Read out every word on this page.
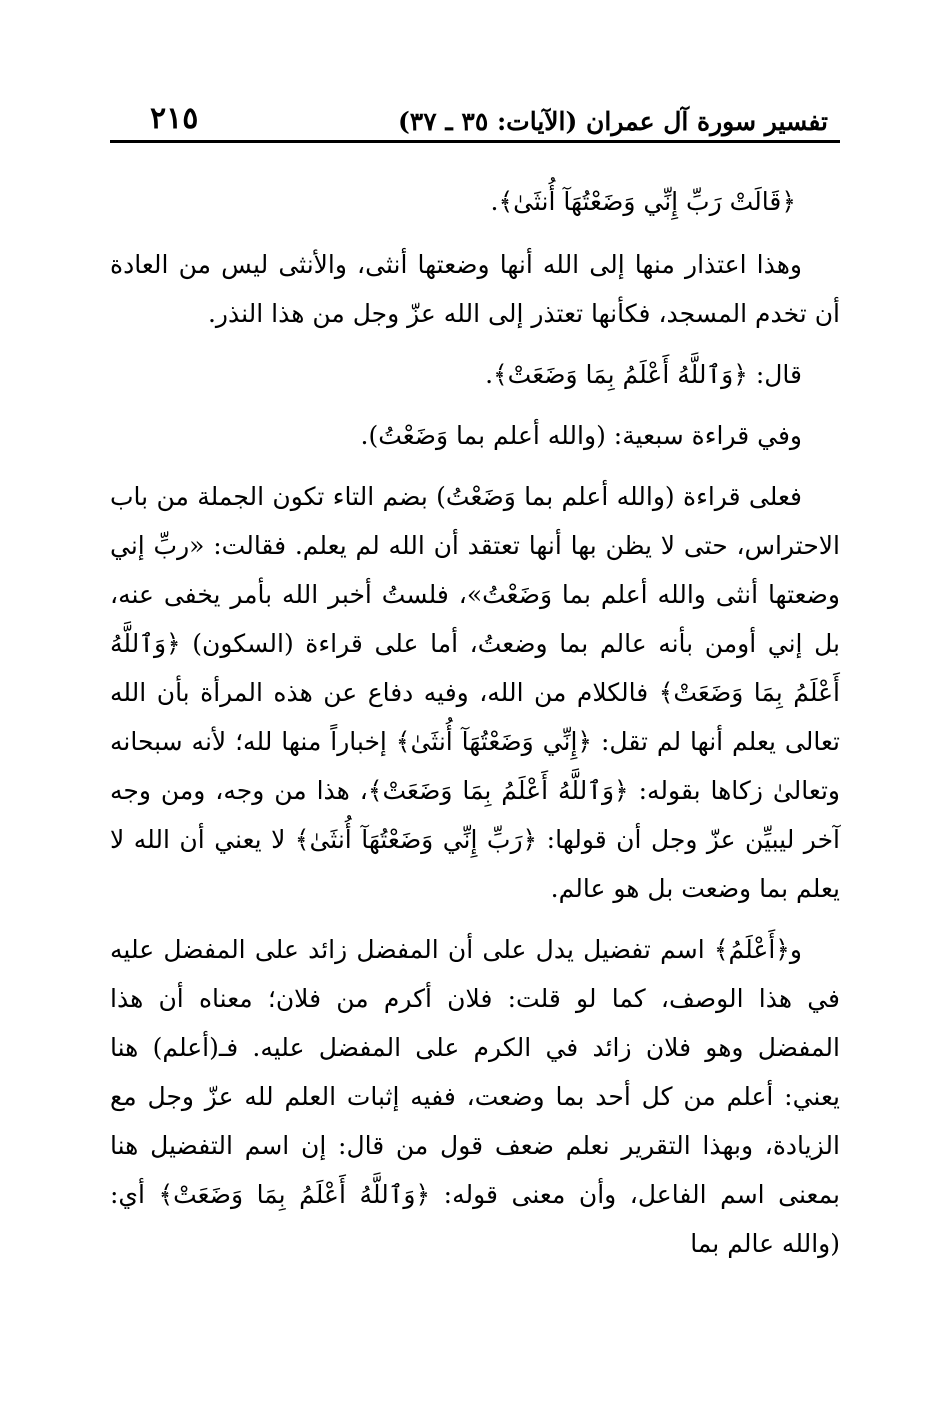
تفسير سورة آل عمران (الآيات: ٣٥ ـ ٣٧)
٢١٥

﴿قَالَتْ رَبِّ إِنِّي وَضَعْتُهَآ أُنثَىٰ﴾.

وهذا اعتذار منها إلى الله أنها وضعتها أنثى، والأنثى ليس من العادة أن تخدم المسجد، فكأنها تعتذر إلى الله عزّ وجل من هذا النذر.

قال: ﴿وَٱللَّهُ أَعْلَمُ بِمَا وَضَعَتْ﴾.

وفي قراءة سبعية: (والله أعلم بما وَضَعْتُ).

فعلى قراءة (والله أعلم بما وَضَعْتُ) بضم التاء تكون الجملة من باب الاحتراس، حتى لا يظن بها أنها تعتقد أن الله لم يعلم. فقالت: «ربِّ إني وضعتها أنثى والله أعلم بما وَضَعْتُ»، فلستُ أخبر الله بأمر يخفى عنه، بل إني أومن بأنه عالم بما وضعتُ، أما على قراءة (السكون) ﴿وَٱللَّهُ أَعْلَمُ بِمَا وَضَعَتْ﴾ فالكلام من الله، وفيه دفاع عن هذه المرأة بأن الله تعالى يعلم أنها لم تقل: ﴿إِنِّي وَضَعْتُهَآ أُنثَىٰ﴾ إخباراً منها لله؛ لأنه سبحانه وتعالىٰ زكاها بقوله: ﴿وَٱللَّهُ أَعْلَمُ بِمَا وَضَعَتْ﴾، هذا من وجه، ومن وجه آخر ليبيِّن عزّ وجل أن قولها: ﴿رَبِّ إِنِّي وَضَعْتُهَآ أُنثَىٰ﴾ لا يعني أن الله لا يعلم بما وضعت بل هو عالم.

و﴿أَعْلَمُ﴾ اسم تفضيل يدل على أن المفضل زائد على المفضل عليه في هذا الوصف، كما لو قلت: فلان أكرم من فلان؛ معناه أن هذا المفضل وهو فلان زائد في الكرم على المفضل عليه. فـ(أعلم) هنا يعني: أعلم من كل أحد بما وضعت، ففيه إثبات العلم لله عزّ وجل مع الزيادة، وبهذا التقرير نعلم ضعف قول من قال: إن اسم التفضيل هنا بمعنى اسم الفاعل، وأن معنى قوله: ﴿وَٱللَّهُ أَعْلَمُ بِمَا وَضَعَتْ﴾ أي: (والله عالم بما
